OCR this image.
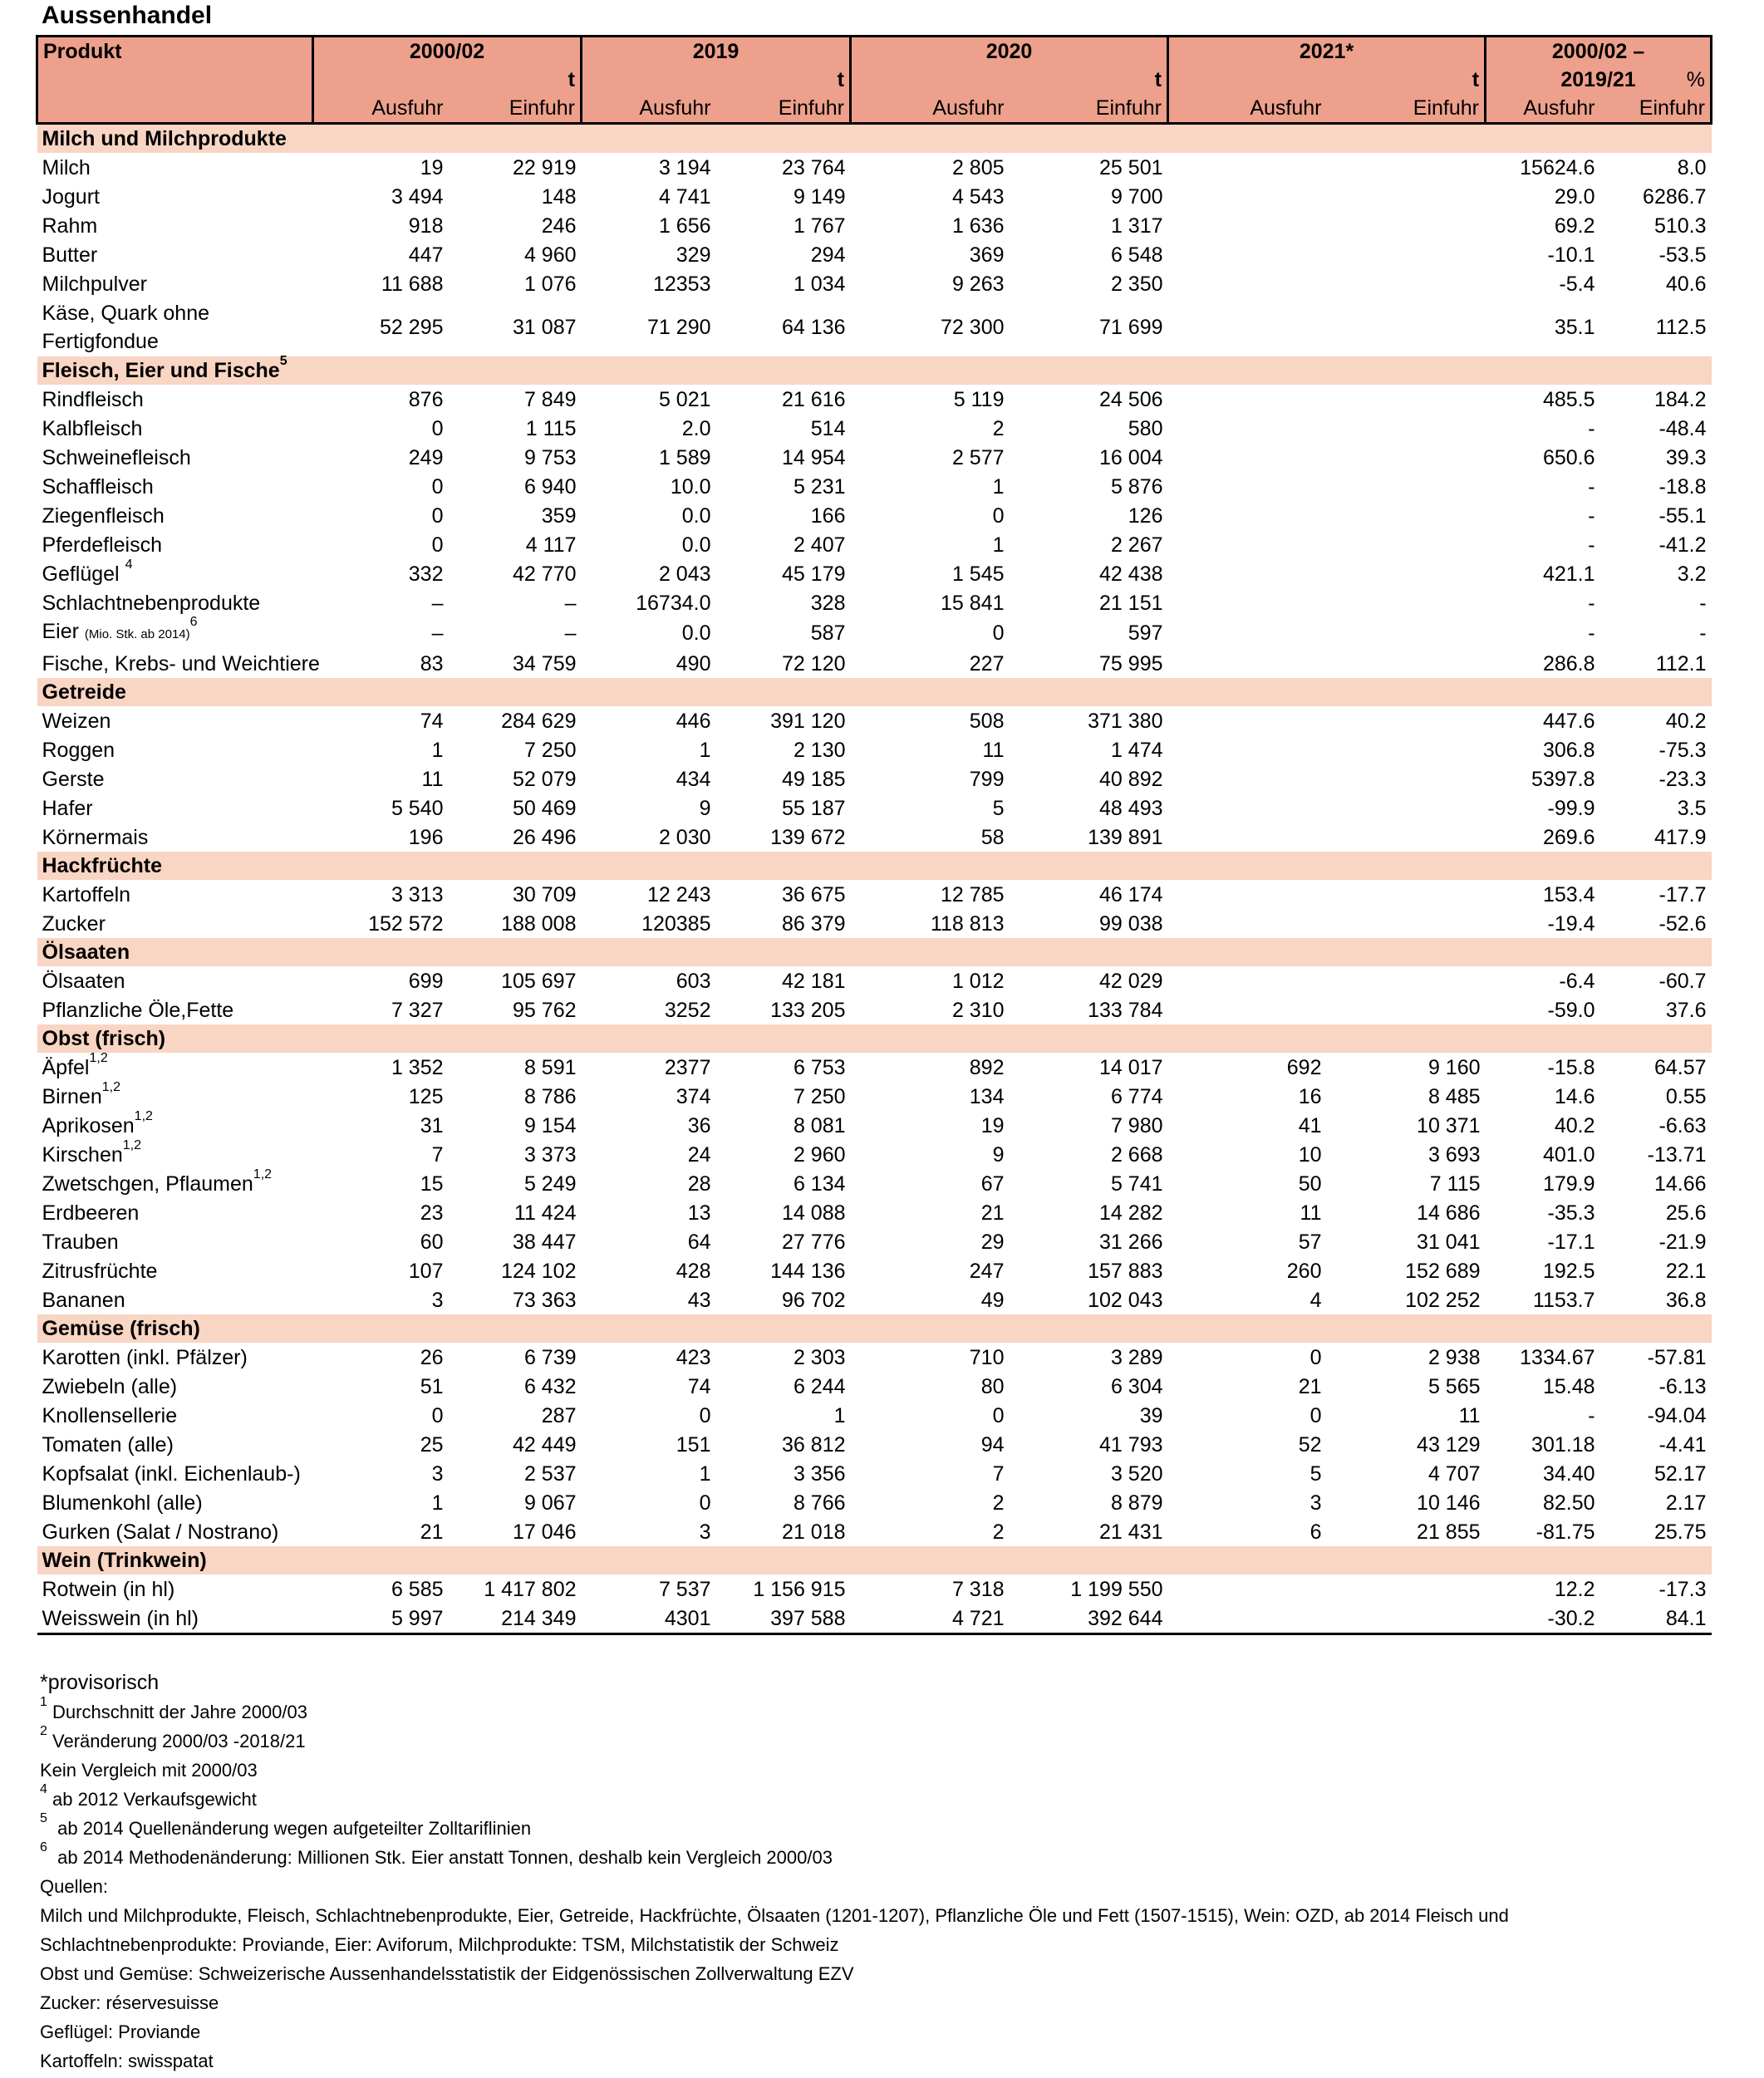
Aussenhandel
Produkt	2000/02		2019		2020		2021*		2000/02 –	
		t		t		t		t	2019/21	
	Ausfuhr	Einfuhr	Ausfuhr	Einfuhr	Ausfuhr	Einfuhr	Ausfuhr	Einfuhr	Ausfuhr	Einfuhr
Milch und Milchprodukte										
Milch	19	22 919	3 194	23 764	2 805	25 501			15624.6	8.0
Jogurt	3 494	148	4 741	9 149	4 543	9 700			29.0	6286.7
Rahm	918	246	1 656	1 767	1 636	1 317			69.2	510.3
Butter	447	4 960	329	294	369	6 548			-10.1	-53.5
Milchpulver	11 688	1 076	12353	1 034	9 263	2 350			-5.4	40.6
Käse, Quark ohne
Fertigfondue	52 295	31 087	71 290	64 136	72 300	71 699			35.1	112.5
Fleisch, Eier und Fische$^5$
Rindfleisch	876	7 849	5 021	21 616	5 119	24 506			485.5	184.2
Kalbfleisch	0	1 115	2.0	514	2	580			-	-48.4
Schweinefleisch	249	9 753	1 589	14 954	2 577	16 004			650.6	39.3
Schaffleisch	0	6 940	10.0	5 231	1	5 876			-	-18.8
Ziegenfleisch	0	359	0.0	166	0	126			-	-55.1
Pferdefleisch	0	4 117	0.0	2 407	1	2 267			-	-41.2
Geflügel $^4$	332	42 770	2 043	45 179	1 545	42 438			421.1	3.2
Schlachtnebenprodukte	–	–	16734.0	328	15 841	21 151			-	-
Eier (Mio. Stk. ab 2014)$^6$	–	–	0.0	587	0	597			-	-
Fische, Krebs- und Weichtiere	83	34 759	490	72 120	227	75 995			286.8	112.1
Getreide										
Weizen	74	284 629	446	391 120	508	371 380			447.6	40.2
Roggen	1	7 250	1	2 130	11	1 474			306.8	-75.3
Gerste	11	52 079	434	49 185	799	40 892			5397.8	-23.3
Hafer	5 540	50 469	9	55 187	5	48 493			-99.9	3.5
Körnermais	196	26 496	2 030	139 672	58	139 891			269.6	417.9
Hackfrüchte										
Kartoffeln	3 313	30 709	12 243	36 675	12 785	46 174			153.4	-17.7
Zucker	152 572	188 008	120385	86 379	118 813	99 038			-19.4	-52.6
Ölsaaten										
Ölsaaten	699	105 697	603	42 181	1 012	42 029			-6.4	-60.7
Pflanzliche Öle,Fette	7 327	95 762	3252	133 205	2 310	133 784			-59.0	37.6
Obst (frisch)										
Äpfel$^{1,2}$	1 352	8 591	2377	6 753	892	14 017	692	9 160	-15.8	64.57
Birnen$^{1,2}$	125	8 786	374	7 250	134	6 774	16	8 485	14.6	0.55
Aprikosen$^{1,2}$	31	9 154	36	8 081	19	7 980	41	10 371	40.2	-6.63
Kirschen$^{1,2}$	7	3 373	24	2 960	9	2 668	10	3 693	401.0	-13.71
Zwetschgen, Pflaumen$^{1,2}$	15	5 249	28	6 134	67	5 741	50	7 115	179.9	14.66
Erdbeeren	23	11 424	13	14 088	21	14 282	11	14 686	-35.3	25.6
Trauben	60	38 447	64	27 776	29	31 266	57	31 041	-17.1	-21.9
Zitrusfrüchte	107	124 102	428	144 136	247	157 883	260	152 689	192.5	22.1
Bananen	3	73 363	43	96 702	49	102 043	4	102 252	1153.7	36.8
Gemüse (frisch)										
Karotten (inkl. Pfälzer)	26	6 739	423	2 303	710	3 289	0	2 938	1334.67	-57.81
Zwiebeln (alle)	51	6 432	74	6 244	80	6 304	21	5 565	15.48	-6.13
Knollensellerie	0	287	0	1	0	39	0	11	-	-94.04
Tomaten (alle)	25	42 449	151	36 812	94	41 793	52	43 129	301.18	-4.41
Kopfsalat (inkl. Eichenlaub-)	3	2 537	1	3 356	7	3 520	5	4 707	34.40	52.17
Blumenkohl (alle)	1	9 067	0	8 766	2	8 879	3	10 146	82.50	2.17
Gurken (Salat / Nostrano)	21	17 046	3	21 018	2	21 431	6	21 855	-81.75	25.75
Wein (Trinkwein)										
Rotwein (in hl)	6 585	1 417 802	7 537	1 156 915	7 318	1 199 550			12.2	-17.3
Weisswein (in hl)	5 997	214 349	4301	397 588	4 721	392 644			-30.2	84.1
*provisorisch
$^1$ Durchschnitt der Jahre 2000/03
$^2$ Veränderung 2000/03 -2018/21
Kein Vergleich mit 2000/03
$^4$ ab 2012 Verkaufsgewicht
$^5$  ab 2014 Quellenänderung wegen aufgeteilter Zolltariflinien
$^6$  ab 2014 Methodenänderung: Millionen Stk. Eier anstatt Tonnen, deshalb kein Vergleich 2000/03
Quellen:
Milch und Milchprodukte, Fleisch, Schlachtnebenprodukte, Eier, Getreide, Hackfrüchte, Ölsaaten (1201-1207), Pflanzliche Öle und Fett (1507-1515), Wein: OZD, ab 2014 Fleisch und
Schlachtnebenprodukte: Proviande, Eier: Aviforum, Milchprodukte: TSM, Milchstatistik der Schweiz
Obst und Gemüse: Schweizerische Aussenhandelsstatistik der Eidgenössischen Zollverwaltung EZV
Zucker: réservesuisse
Geflügel: Proviande
Kartoffeln: swisspatat
